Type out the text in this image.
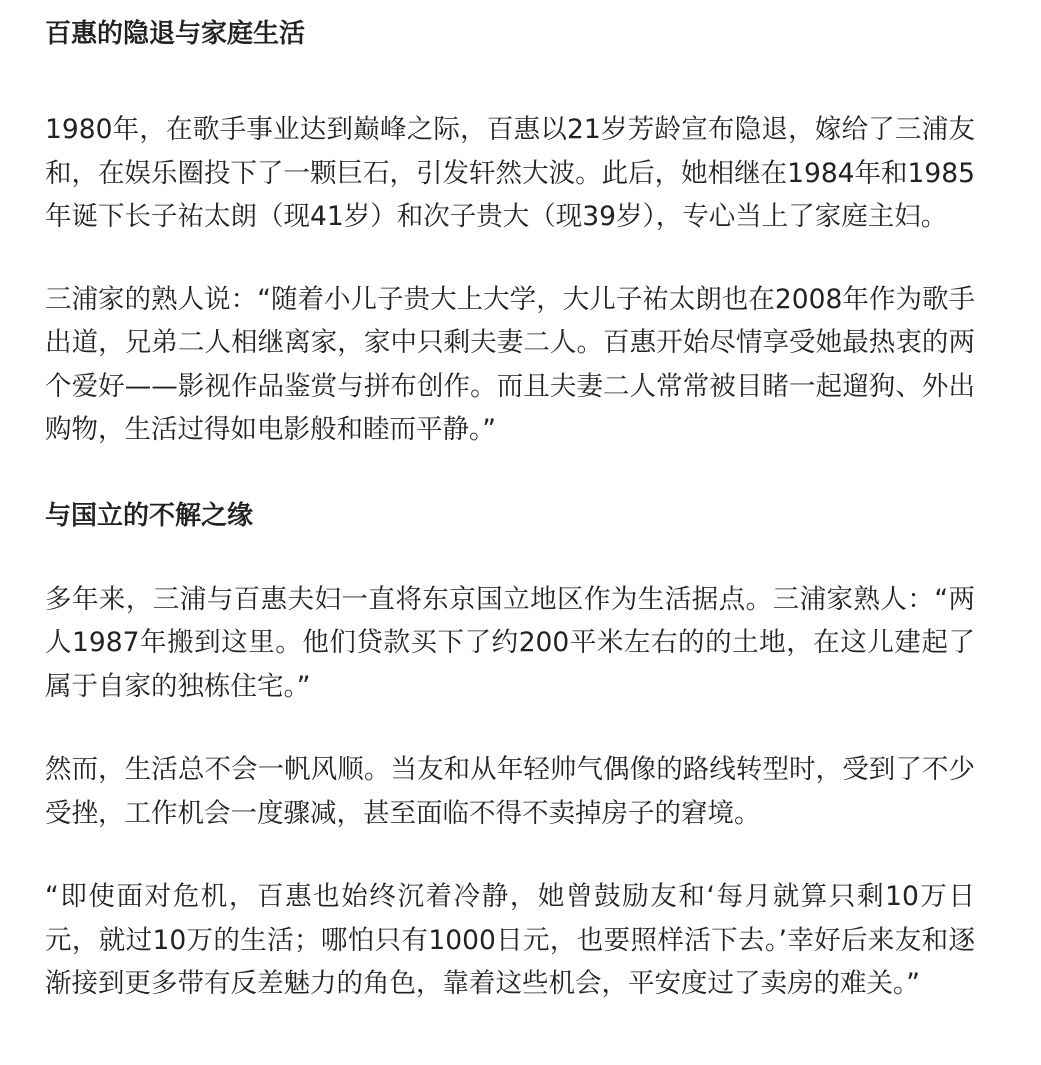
百惠的隐退与家庭生活

1980年，在歌手事业达到巅峰之际，百惠以21岁芳龄宣布隐退，嫁给了三浦友和，在娱乐圈投下了一颗巨石，引发轩然大波。此后，她相继在1984年和1985年诞下长子祐太朗（现41岁）和次子贵大（现39岁），专心当上了家庭主妇。

三浦家的熟人说：“随着小儿子贵大上大学，大儿子祐太朗也在2008年作为歌手出道，兄弟二人相继离家，家中只剩夫妻二人。百惠开始尽情享受她最热衷的两个爱好——影视作品鉴赏与拼布创作。而且夫妻二人常常被目睹一起遛狗、外出购物，生活过得如电影般和睦而平静。”

与国立的不解之缘

多年来，三浦与百惠夫妇一直将东京国立地区作为生活据点。三浦家熟人：“两人1987年搬到这里。他们贷款买下了约200平米左右的的土地，在这儿建起了属于自家的独栋住宅。”

然而，生活总不会一帆风顺。当友和从年轻帅气偶像的路线转型时，受到了不少受挫，工作机会一度骤减，甚至面临不得不卖掉房子的窘境。

“即使面对危机，百惠也始终沉着冷静，她曾鼓励友和‘每月就算只剩10万日元，就过10万的生活；哪怕只有1000日元，也要照样活下去。’幸好后来友和逐渐接到更多带有反差魅力的角色，靠着这些机会，平安度过了卖房的难关。”
